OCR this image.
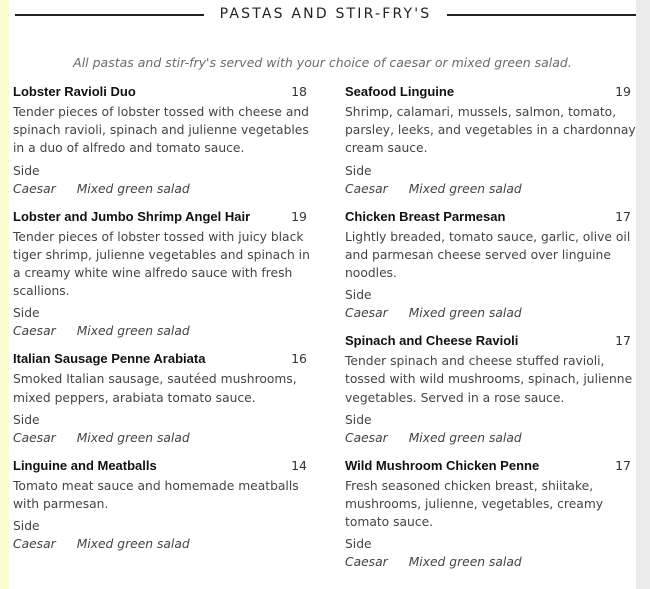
PASTAS AND STIR-FRY'S
All pastas and stir-fry's served with your choice of caesar or mixed green salad.
Lobster Ravioli Duo	18
Tender pieces of lobster tossed with cheese and spinach ravioli, spinach and julienne vegetables in a duo of alfredo and tomato sauce.
Side
Caesar Mixed green salad
Lobster and Jumbo Shrimp Angel Hair	19
Tender pieces of lobster tossed with juicy black tiger shrimp, julienne vegetables and spinach in a creamy white wine alfredo sauce with fresh scallions.
Side
Caesar Mixed green salad
Italian Sausage Penne Arabiata	16
Smoked Italian sausage, sautéed mushrooms, mixed peppers, arabiata tomato sauce.
Side
Caesar Mixed green salad
Linguine and Meatballs	14
Tomato meat sauce and homemade meatballs with parmesan.
Side
Caesar Mixed green salad
Seafood Linguine	19
Shrimp, calamari, mussels, salmon, tomato, parsley, leeks, and vegetables in a chardonnay cream sauce.
Side
Caesar Mixed green salad
Chicken Breast Parmesan	17
Lightly breaded, tomato sauce, garlic, olive oil and parmesan cheese served over linguine noodles.
Side
Caesar Mixed green salad
Spinach and Cheese Ravioli	17
Tender spinach and cheese stuffed ravioli, tossed with wild mushrooms, spinach, julienne vegetables. Served in a rose sauce.
Side
Caesar Mixed green salad
Wild Mushroom Chicken Penne	17
Fresh seasoned chicken breast, shiitake, mushrooms, julienne, vegetables, creamy tomato sauce.
Side
Caesar Mixed green salad
